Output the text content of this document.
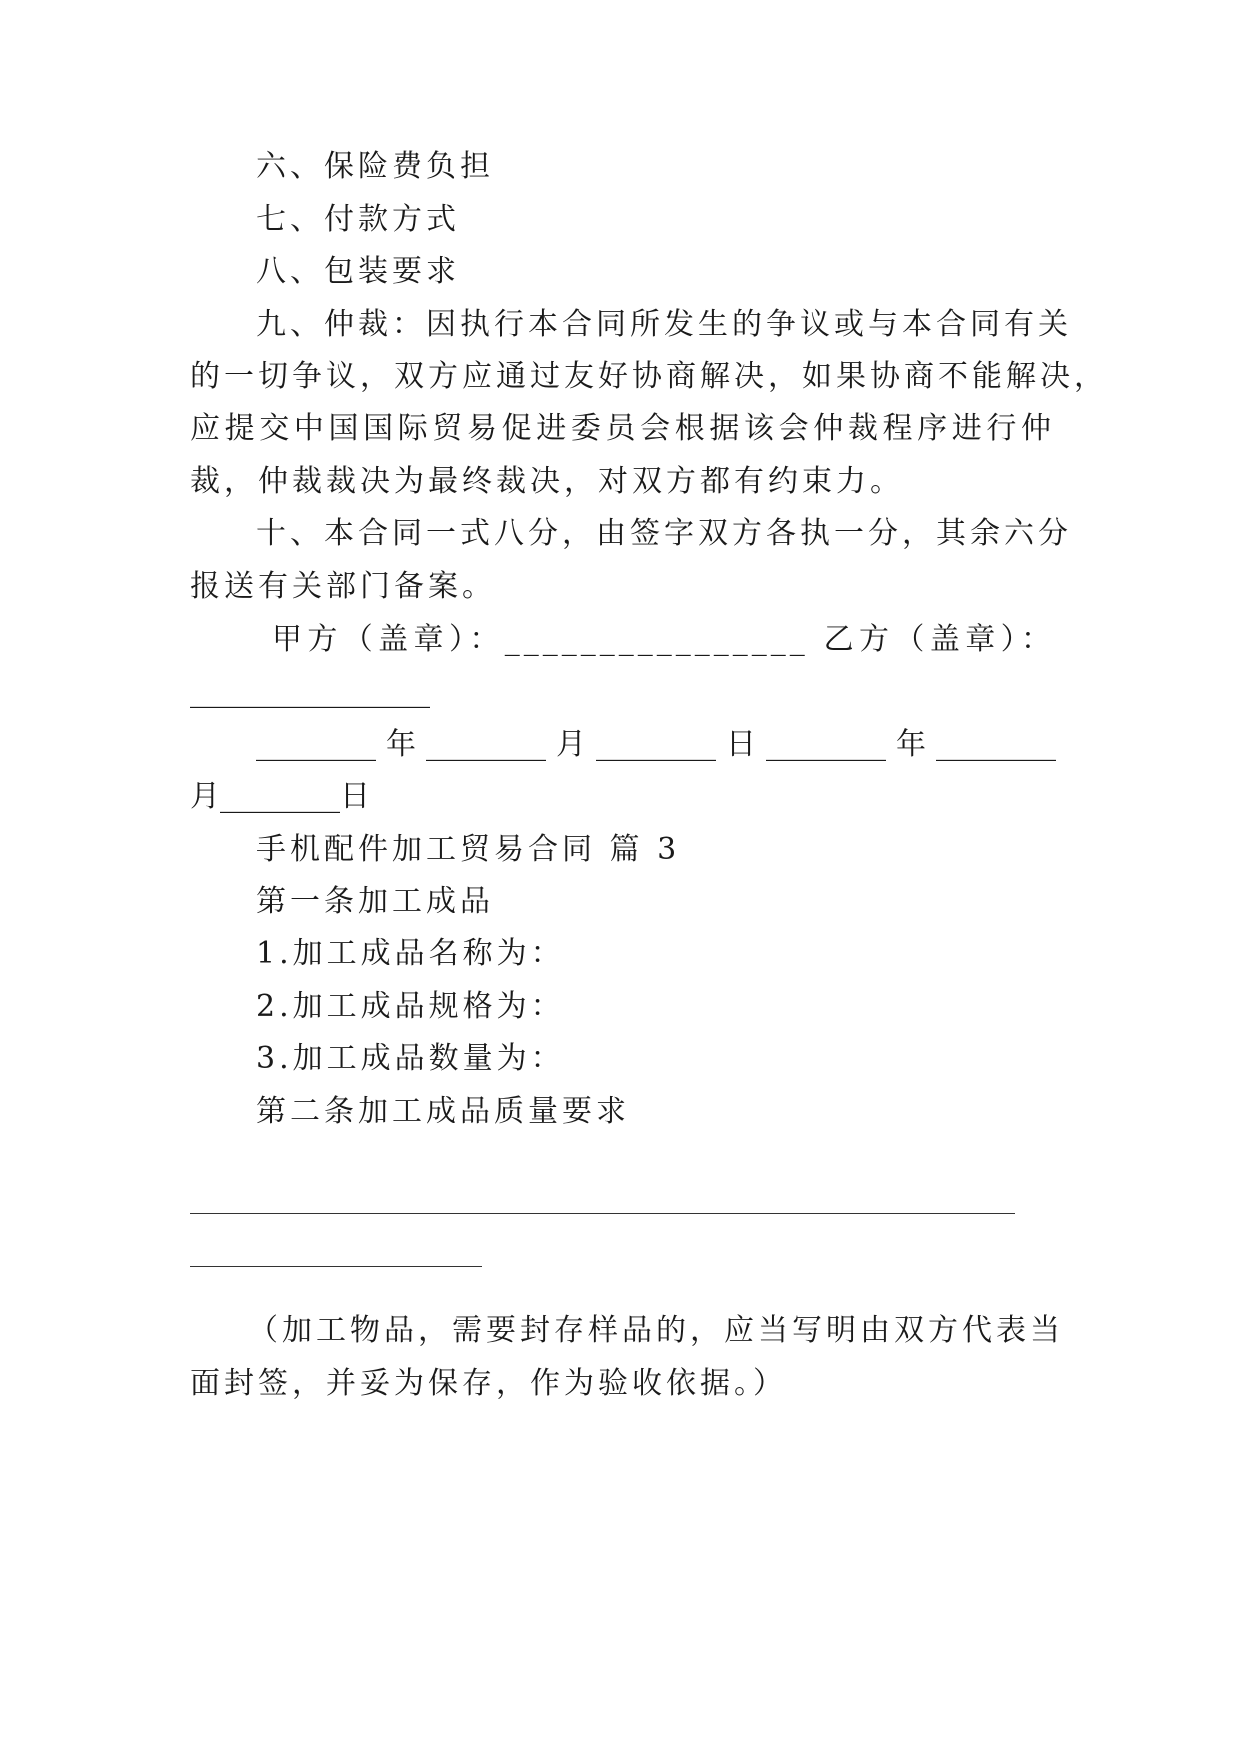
六、保险费负担
七、付款方式
八、包装要求
九、仲裁：因执行本合同所发生的争议或与本合同有关
的一切争议，双方应通过友好协商解决，如果协商不能解决，
应提交中国国际贸易促进委员会根据该会仲裁程序进行仲
裁，仲裁裁决为最终裁决，对双方都有约束力。
十、本合同一式八分，由签字双方各执一分，其余六分
报送有关部门备案。
甲方（盖章）：________________ 乙方（盖章）：
________________
________年________月________日________年________
月________日
手机配件加工贸易合同 篇 3
第一条加工成品
1.加工成品名称为：
2.加工成品规格为：
3.加工成品数量为：
第二条加工成品质量要求
（加工物品，需要封存样品的，应当写明由双方代表当
面封签，并妥为保存，作为验收依据。）
